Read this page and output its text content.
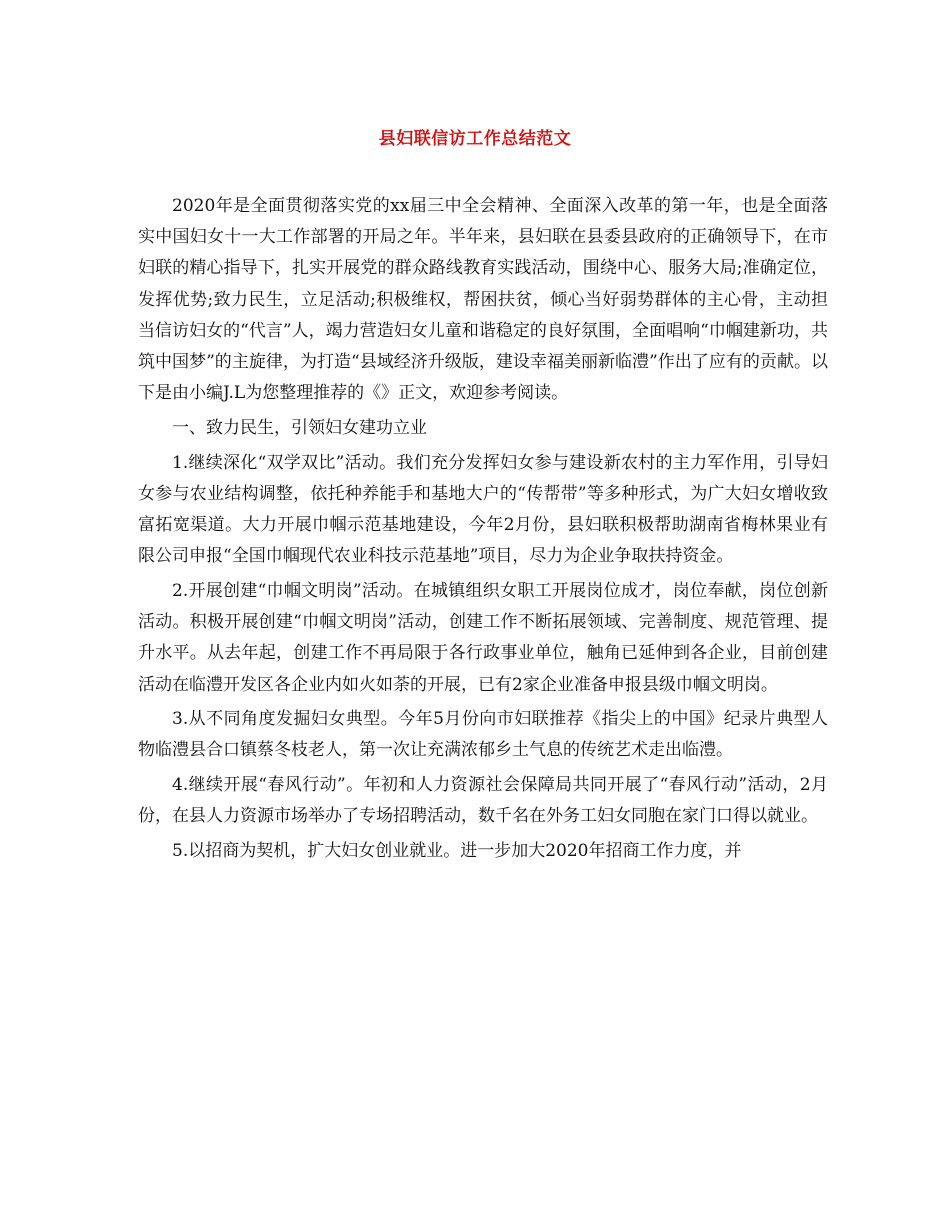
县妇联信访工作总结范文

2020年是全面贯彻落实党的xx届三中全会精神、全面深入改革的第一年，也是全面落实中国妇女十一大工作部署的开局之年。半年来，县妇联在县委县政府的正确领导下，在市妇联的精心指导下，扎实开展党的群众路线教育实践活动，围绕中心、服务大局;准确定位，发挥优势;致力民生，立足活动;积极维权，帮困扶贫，倾心当好弱势群体的主心骨，主动担当信访妇女的“代言”人，竭力营造妇女儿童和谐稳定的良好氛围，全面唱响“巾帼建新功，共筑中国梦”的主旋律，为打造“县域经济升级版，建设幸福美丽新临澧”作出了应有的贡献。以下是由小编J.L为您整理推荐的《》正文，欢迎参考阅读。

一、致力民生，引领妇女建功立业

1.继续深化“双学双比”活动。我们充分发挥妇女参与建设新农村的主力军作用，引导妇女参与农业结构调整，依托种养能手和基地大户的“传帮带”等多种形式，为广大妇女增收致富拓宽渠道。大力开展巾帼示范基地建设，今年2月份，县妇联积极帮助湖南省梅林果业有限公司申报“全国巾帼现代农业科技示范基地”项目，尽力为企业争取扶持资金。

2.开展创建“巾帼文明岗”活动。在城镇组织女职工开展岗位成才，岗位奉献，岗位创新活动。积极开展创建“巾帼文明岗”活动，创建工作不断拓展领域、完善制度、规范管理、提升水平。从去年起，创建工作不再局限于各行政事业单位，触角已延伸到各企业，目前创建活动在临澧开发区各企业内如火如荼的开展，已有2家企业准备申报县级巾帼文明岗。

3.从不同角度发掘妇女典型。今年5月份向市妇联推荐《指尖上的中国》纪录片典型人物临澧县合口镇蔡冬枝老人，第一次让充满浓郁乡土气息的传统艺术走出临澧。

4.继续开展“春风行动”。年初和人力资源社会保障局共同开展了“春风行动”活动，2月份，在县人力资源市场举办了专场招聘活动，数千名在外务工妇女同胞在家门口得以就业。

5.以招商为契机，扩大妇女创业就业。进一步加大2020年招商工作力度，并
